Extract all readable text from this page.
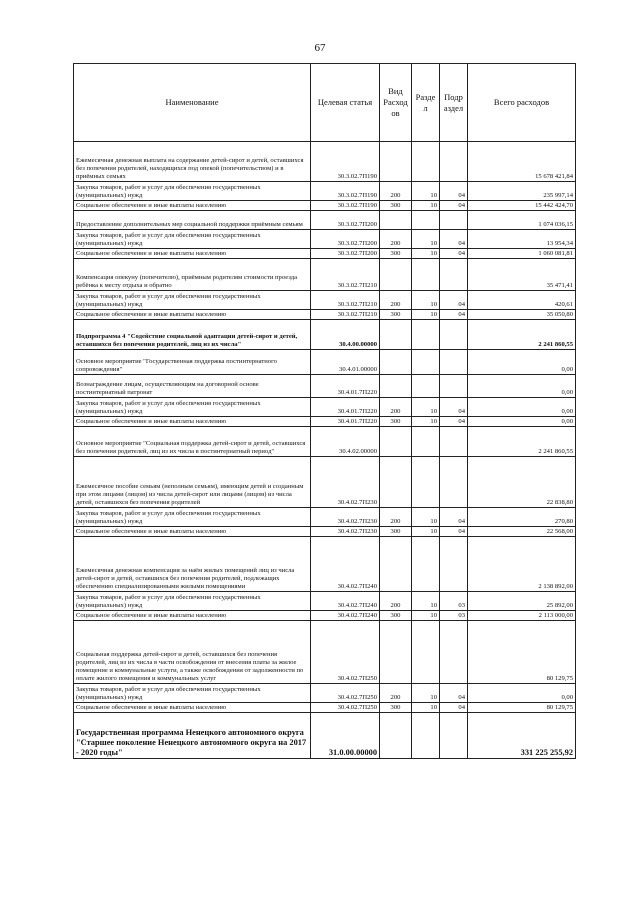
67
Наименование	Целевая статья	Вид Расход ов	Разде л	Подр аздел	Всего расходов
Ежемесячная денежная выплата на содержание детей-сирот и детей, оставшихся без попечения родителей, находящихся под опекой (попечительством) и в приёмных семьях	30.3.02.7П190				15 678 421,84
Закупка товаров, работ и услуг для обеспечения государственных (муниципальных) нужд	30.3.02.7П190	200	10	04	235 997,14
Социальное обеспечение и иные выплаты населению	30.3.02.7П190	300	10	04	15 442 424,70
Предоставление дополнительных мер социальной поддержки приёмным семьям	30.3.02.7П200				1 074 036,15
Закупка товаров, работ и услуг для обеспечения государственных (муниципальных) нужд	30.3.02.7П200	200	10	04	13 954,34
Социальное обеспечение и иные выплаты населению	30.3.02.7П200	300	10	04	1 060 081,81
Компенсация опекуну (попечителю), приёмным родителям стоимости проезда ребёнка к месту отдыха и обратно	30.3.02.7П210				35 471,41
Закупка товаров, работ и услуг для обеспечения государственных (муниципальных) нужд	30.3.02.7П210	200	10	04	420,61
Социальное обеспечение и иные выплаты населению	30.3.02.7П210	300	10	04	35 050,80
Подпрограмма 4 "Содействие социальной адаптации детей-сирот и детей, оставшихся без попечения родителей, лиц из их числа"	30.4.00.00000				2 241 860,55
Основное мероприятие "Государственная поддержка постинтернатного сопровождения"	30.4.01.00000				0,00
Вознаграждение лицам, осуществляющим на договорной основе постинтернатный патронат	30.4.01.7П220				0,00
Закупка товаров, работ и услуг для обеспечения государственных (муниципальных) нужд	30.4.01.7П220	200	10	04	0,00
Социальное обеспечение и иные выплаты населению	30.4.01.7П220	300	10	04	0,00
Основное мероприятие "Социальная поддержка детей-сирот и детей, оставшихся без попечения родителей, лиц из их числа в постинтернатный период"	30.4.02.00000				2 241 860,55
Ежемесячное пособие семьям (неполным семьям), имеющим детей и созданным при этом лицами (лицом) из числа детей-сирот или лицами (лицом) из числа детей, оставшихся без попечения родителей	30.4.02.7П230				22 838,80
Закупка товаров, работ и услуг для обеспечения государственных (муниципальных) нужд	30.4.02.7П230	200	10	04	270,80
Социальное обеспечение и иные выплаты населению	30.4.02.7П230	300	10	04	22 568,00
Ежемесячная денежная компенсация за наём жилых помещений лиц из числа детей-сирот и детей, оставшихся без попечения родителей, подлежащих обеспечению специализированными жилыми помещениями	30.4.02.7П240				2 138 892,00
Закупка товаров, работ и услуг для обеспечения государственных (муниципальных) нужд	30.4.02.7П240	200	10	03	25 892,00
Социальное обеспечение и иные выплаты населению	30.4.02.7П240	300	10	03	2 113 000,00
Социальная поддержка детей-сирот и детей, оставшихся без попечения родителей, лиц из их числа в части освобождения от внесения платы за жилое помещение и коммунальные услуги, а также освобождения от задолженности по оплате жилого помещения и коммунальных услуг	30.4.02.7П250				80 129,75
Закупка товаров, работ и услуг для обеспечения государственных (муниципальных) нужд	30.4.02.7П250	200	10	04	0,00
Социальное обеспечение и иные выплаты населению	30.4.02.7П250	300	10	04	80 129,75
Государственная программа Ненецкого автономного округа "Старшее поколение Ненецкого автономного округа на 2017 - 2020 годы"	31.0.00.00000				331 225 255,92
